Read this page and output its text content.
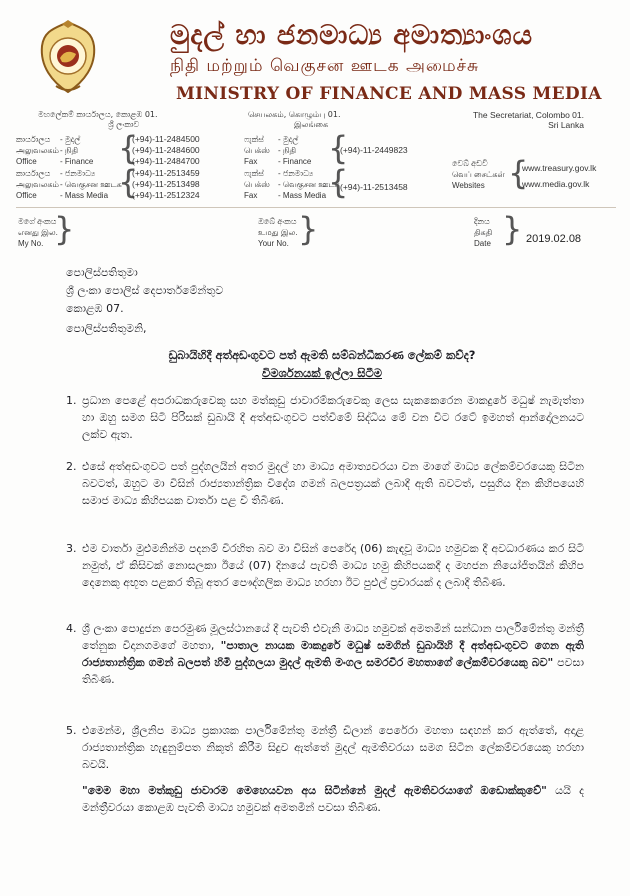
මුදල් හා ජනමාධ්‍ය අමාත්‍යාංශය
நிதி மற்றும் வெகுசன ஊடக அமைச்சு
MINISTRY OF FINANCE AND MASS MEDIA
මහලේකම් කාර්යාලය, කොළඹ 01.
ශ්‍රී ලංකාව
செயலகம், கொழும்பு 01.
இலங்கை
The Secretariat, Colombo 01.
Sri Lanka
කාර්යාලය
அலுவலகம்
Office
- මුදල්
- நிதி
- Finance {
(+94)-11-2484500
(+94)-11-2484600
(+94)-11-2484700
කාර්යාලය
அலுவலகம்
Office
- ජනමාධ්‍ය
- வெகுசன ஊடக
- Mass Media {
(+94)-11-2513459
(+94)-11-2513498
(+94)-11-2512324
ෆැක්ස්
பெக்ஸ்
Fax
- මුදල්
- நிதி
- Finance {
(+94)-11-2449823
ෆැක්ස්
பெக்ஸ்
Fax
- ජනමාධ්‍ය
- வெகுசன ஊடக
- Mass Media {
(+94)-11-2513458
වෙබ් අඩවි
வெப் சைட்கள்
Websites {
www.treasury.gov.lk
www.media.gov.lk
මගේ අංකය
எனது இல.
My No. }	ඔබේ අංකය
உமது இல.
Your No. }	දිනය
திகதி
Date } 2019.02.08
පොලිස්පතිතුමා
ශ්‍රී ලංකා පොලිස් දෙපාර්තමේන්තුව
කොළඹ 07.
පොලිස්පතිතුමනි,
ඩුබායිහිදී අත්අඩංගුවට පත් ඇමති සම්බන්ධීකරණ ලේකම් කව්ද?
විමර්ශනයක් ඉල්ලා සිටීම
1. ප්‍රධාන පෙළේ අපරාධකරුවෙකු සහ මත්කුඩු ජාවාරම්කරුවෙකු ලෙස සැකකෙරෙන මාකදුරේ මධුෂ් නැමැත්තා හා ඔහු සමග සිටි පිරිසක් ඩුබායි දී අත්අඩංගුවට පත්වීමේ සිද්ධිය මේ වන විට රටේ ඉමහත් ආන්දෝලනයට ලක්ව ඇත.
2. එසේ අත්අඩංගුවට පත් පුද්ගලයින් අතර මුදල් හා මාධ්‍ය අමාත්‍යවරයා වන මාගේ මාධ්‍ය ලේකම්වරයෙකු සිටින බවටත්, ඔහුට මා විසින් රාජ්‍යතාන්ත්‍රික විදේශ ගමන් බලපත්‍රයක් ලබාදී ඇති බවටත්, පසුගිය දින කිහිපයෙහි සමාජ මාධ්‍ය කිහිපයක වාර්තා පළ වී තිබිණ.
3. එම වාර්තා මුළුමනින්ම පදනම් විරහිත බව මා විසින් පෙරේදා (06) කැඳවූ මාධ්‍ය හමුවක දී අවධාරණය කර සිටි නමුත්, ඒ කිසිවක් නොසලකා ඊයේ (07) දිනයේ පැවති මාධ්‍ය හමු කිහිපයකදී ද මහජන නියෝජිතයින් කිහිප දෙනෙකු අභූත පළකර තිබූ අතර පෞද්ගලික මාධ්‍ය හරහා ඊට පුළුල් ප්‍රචාරයක් ද ලබාදී තිබිණ.
4. ශ්‍රී ලංකා පොදුජන පෙරමුණ මූලස්ථානයේ දී පැවති එවැනි මාධ්‍ය හමුවක් අමතමින් සන්ධාන පාර්ලිමේන්තු මන්ත්‍රී තේනුක විදානගමගේ මහතා, "පාතාල නායක මාකදුරේ මධුෂ් සමගින් ඩුබායිහි දී අත්අඩංගුවට ගෙන ඇති රාජ්‍යතාන්ත්‍රික ගමන් බලපත් හිමි පුද්ගලයා මුදල් ඇමති මංගල සමරවීර මහතාගේ ලේකම්වරයෙකු බව" පවසා තිබිණ.
5. එමෙන්ම, ශ්‍රීලනිප මාධ්‍ය ප්‍රකාශක පාර්ලිමේන්තු මන්ත්‍රී ඩිලාන් පෙරේරා මහතා සඳහන් කර ඇත්තේ, අදාළ රාජ්‍යතාන්ත්‍රික හැඳුනුම්පත නිකුත් කිරීම සිදුව ඇත්තේ මුදල් ඇමතිවරයා සමග සිටින ලේකම්වරයෙකු හරහා බවයි.
"මෙම මහා මත්කුඩු ජාවාරම මෙහෙයවන අය සිටින්නේ මුදල් ඇමතිවරයාගේ ඔඩොක්කුවේ" යයි ද මන්ත්‍රීවරයා කොළඹ පැවති මාධ්‍ය හමුවක් අමතමින් පවසා තිබිණ.
